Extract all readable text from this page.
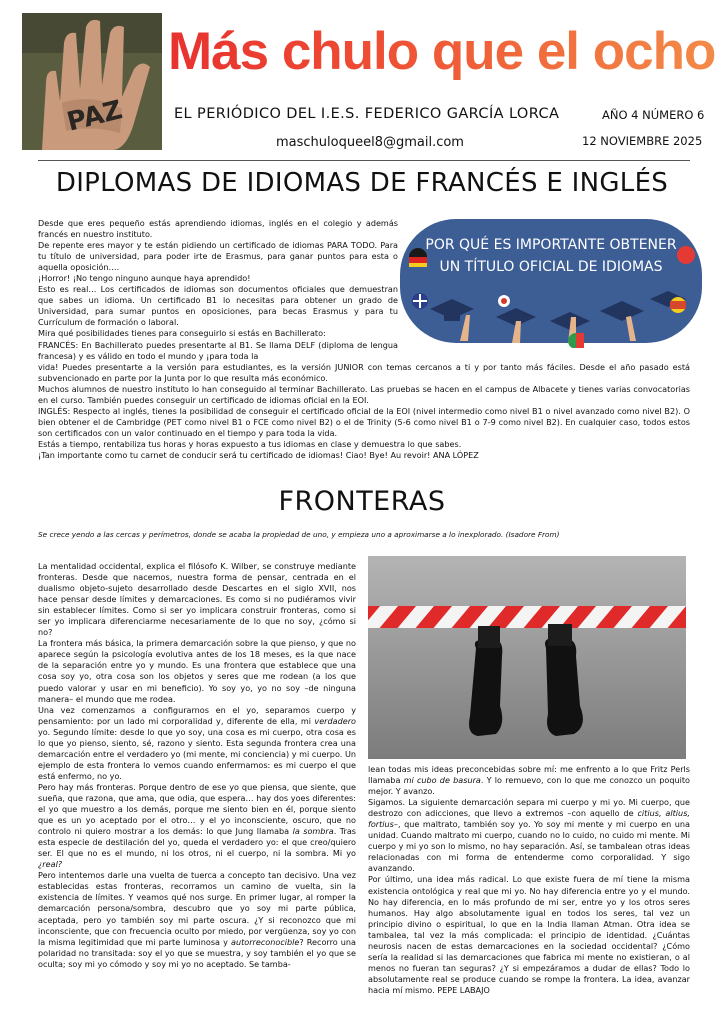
PAZ
Más chulo que el ocho
EL PERIÓDICO DEL I.E.S. FEDERICO GARCÍA LORCA
maschuloqueel8@gmail.com
AÑO 4 NÚMERO 6
12 NOVIEMBRE 2025
DIPLOMAS DE IDIOMAS DE FRANCÉS E INGLÉS

Desde que eres pequeño estás aprendiendo idiomas, inglés en el colegio y además francés en nuestro instituto.

De repente eres mayor y te están pidiendo un certificado de idiomas PARA TODO. Para tu título de universidad, para poder irte de Erasmus, para ganar puntos para esta o aquella oposición….

¡Horror! ¡No tengo ninguno aunque haya aprendido!

Esto es real… Los certificados de idiomas son documentos oficiales que demuestran que sabes un idioma. Un certificado B1 lo necesitas para obtener un grado de Universidad, para sumar puntos en oposiciones, para becas Erasmus y para tu Currículum de formación o laboral.

Mira qué posibilidades tienes para conseguirlo si estás en Bachillerato:

FRANCÉS: En Bachillerato puedes presentarte al B1. Se llama DELF (diploma de lengua francesa) y es válido en todo el mundo y ¡para toda la

POR QUÉ ES IMPORTANTE OBTENER
UN TÍTULO OFICIAL DE IDIOMAS

vida! Puedes presentarte a la versión para estudiantes, es la versión JUNIOR con temas cercanos a ti y por tanto más fáciles. Desde el año pasado está subvencionado en parte por la Junta por lo que resulta más económico.

Muchos alumnos de nuestro instituto lo han conseguido al terminar Bachillerato. Las pruebas se hacen en el campus de Albacete y tienes varias convocatorias en el curso. También puedes conseguir un certificado de idiomas oficial en la EOI.

INGLÉS: Respecto al inglés, tienes la posibilidad de conseguir el certificado oficial de la EOI (nivel intermedio como nivel B1 o nivel avanzado como nivel B2). O bien obtener el de Cambridge (PET como nivel B1 o FCE como nivel B2) o el de Trinity (5-6 como nivel B1 o 7-9 como nivel B2). En cualquier caso, todos estos son certificados con un valor continuado en el tiempo y para toda la vida.

Estás a tiempo, rentabiliza tus horas y horas expuesto a tus idiomas en clase y demuestra lo que sabes.

¡Tan importante como tu carnet de conducir será tu certificado de idiomas! Ciao! Bye! Au revoir! ANA LÓPEZ

FRONTERAS
Se crece yendo a las cercas y perímetros, donde se acaba la propiedad de uno, y empieza uno a aproximarse a lo inexplorado. (Isadore From)

La mentalidad occidental, explica el filósofo K. Wilber, se construye mediante fronteras. Desde que nacemos, nuestra forma de pensar, centrada en el dualismo objeto-sujeto desarrollado desde Descartes en el siglo XVII, nos hace pensar desde límites y demarcaciones. Es como si no pudiéramos vivir sin establecer límites. Como si ser yo implicara construir fronteras, como si ser yo implicara diferenciarme necesariamente de lo que no soy, ¿cómo si no?

La frontera más básica, la primera demarcación sobre la que pienso, y que no aparece según la psicología evolutiva antes de los 18 meses, es la que nace de la separación entre yo y mundo. Es una frontera que establece que una cosa soy yo, otra cosa son los objetos y seres que me rodean (a los que puedo valorar y usar en mi beneficio). Yo soy yo, yo no soy –de ninguna manera– el mundo que me rodea.

Una vez comenzamos a configurarnos en el yo, separamos cuerpo y pensamiento: por un lado mi corporalidad y, diferente de ella, mi verdadero yo. Segundo límite: desde lo que yo soy, una cosa es mi cuerpo, otra cosa es lo que yo pienso, siento, sé, razono y siento. Esta segunda frontera crea una demarcación entre el verdadero yo (mi mente, mi conciencia) y mi cuerpo. Un ejemplo de esta frontera lo vemos cuando enfermamos: es mi cuerpo el que está enfermo, no yo.

Pero hay más fronteras. Porque dentro de ese yo que piensa, que siente, que sueña, que razona, que ama, que odia, que espera… hay dos yoes diferentes: el yo que muestro a los demás, porque me siento bien en él, porque siento que es un yo aceptado por el otro… y el yo inconsciente, oscuro, que no controlo ni quiero mostrar a los demás: lo que Jung llamaba la sombra. Tras esta especie de destilación del yo, queda el verdadero yo: el que creo/quiero ser. El que no es el mundo, ni los otros, ni el cuerpo, ni la sombra. Mi yo ¿real?

Pero intentemos darle una vuelta de tuerca a concepto tan decisivo. Una vez establecidas estas fronteras, recorramos un camino de vuelta, sin la existencia de límites. Y veamos qué nos surge. En primer lugar, al romper la demarcación persona/sombra, descubro que yo soy mi parte pública, aceptada, pero yo también soy mi parte oscura. ¿Y si reconozco que mi inconsciente, que con frecuencia oculto por miedo, por vergüenza, soy yo con la misma legitimidad que mi parte luminosa y autorreconocible? Recorro una polaridad no transitada: soy el yo que se muestra, y soy también el yo que se oculta; soy mi yo cómodo y soy mi yo no aceptado. Se tamba-

lean todas mis ideas preconcebidas sobre mí: me enfrento a lo que Fritz Perls llamaba mi cubo de basura. Y lo remuevo, con lo que me conozco un poquito mejor. Y avanzo.

Sigamos. La siguiente demarcación separa mi cuerpo y mi yo. Mi cuerpo, que destrozo con adicciones, que llevo a extremos –con aquello de citius, altius, fortius–, que maltrato, también soy yo. Yo soy mi mente y mi cuerpo en una unidad. Cuando maltrato mi cuerpo, cuando no lo cuido, no cuido mi mente. Mi cuerpo y mi yo son lo mismo, no hay separación. Así, se tambalean otras ideas relacionadas con mi forma de entenderme como corporalidad. Y sigo avanzando.

Por último, una idea más radical. Lo que existe fuera de mí tiene la misma existencia ontológica y real que mi yo. No hay diferencia entre yo y el mundo. No hay diferencia, en lo más profundo de mi ser, entre yo y los otros seres humanos. Hay algo absolutamente igual en todos los seres, tal vez un principio divino o espiritual, lo que en la India llaman Atman. Otra idea se tambalea, tal vez la más complicada: el principio de identidad. ¿Cuántas neurosis nacen de estas demarcaciones en la sociedad occidental? ¿Cómo sería la realidad si las demarcaciones que fabrica mi mente no existieran, o al menos no fueran tan seguras? ¿Y si empezáramos a dudar de ellas? Todo lo absolutamente real se produce cuando se rompe la frontera. La idea, avanzar hacia mí mismo. PEPE LABAJO
